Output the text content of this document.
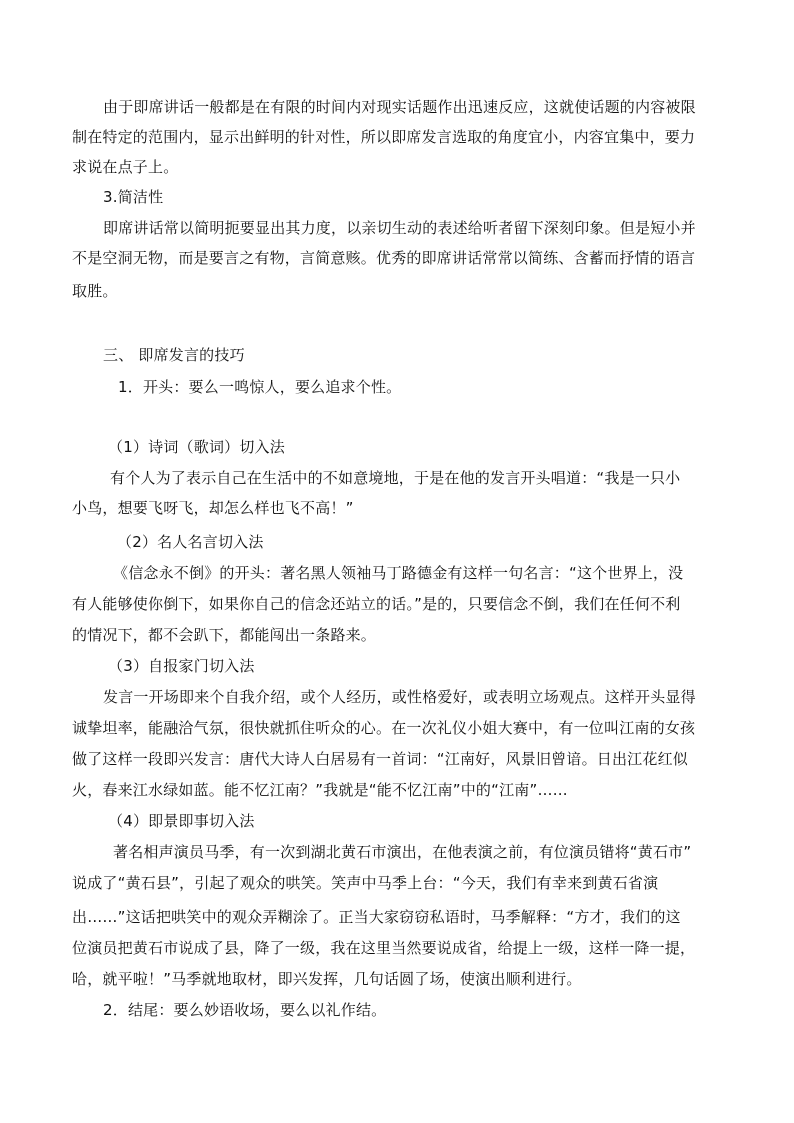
由于即席讲话一般都是在有限的时间内对现实话题作出迅速反应，这就使话题的内容被限
制在特定的范围内，显示出鲜明的针对性，所以即席发言选取的角度宜小，内容宜集中，要力
求说在点子上。
3.简洁性
即席讲话常以简明扼要显出其力度，以亲切生动的表述给听者留下深刻印象。但是短小并
不是空洞无物，而是要言之有物，言简意赅。优秀的即席讲话常常以简练、含蓄而抒情的语言
取胜。
三、 即席发言的技巧
1．开头：要么一鸣惊人，要么追求个性。
（1）诗词（歌词）切入法
有个人为了表示自己在生活中的不如意境地，于是在他的发言开头唱道：“我是一只小
小鸟，想要飞呀飞，却怎么样也飞不高！”
（2）名人名言切入法
《信念永不倒》的开头：著名黑人领袖马丁路德金有这样一句名言：“这个世界上，没
有人能够使你倒下，如果你自己的信念还站立的话。”是的，只要信念不倒，我们在任何不利
的情况下，都不会趴下，都能闯出一条路来。
（3）自报家门切入法
发言一开场即来个自我介绍，或个人经历，或性格爱好，或表明立场观点。这样开头显得
诚挚坦率，能融洽气氛，很快就抓住听众的心。在一次礼仪小姐大赛中，有一位叫江南的女孩
做了这样一段即兴发言：唐代大诗人白居易有一首词：“江南好，风景旧曾谙。日出江花红似
火，春来江水绿如蓝。能不忆江南？”我就是“能不忆江南”中的“江南”……
（4）即景即事切入法
著名相声演员马季，有一次到湖北黄石市演出，在他表演之前，有位演员错将“黄石市”
说成了“黄石县”，引起了观众的哄笑。笑声中马季上台：“今天，我们有幸来到黄石省演
出……”这话把哄笑中的观众弄糊涂了。正当大家窃窃私语时，马季解释：“方才，我们的这
位演员把黄石市说成了县，降了一级，我在这里当然要说成省，给提上一级，这样一降一提，
哈，就平啦！”马季就地取材，即兴发挥，几句话圆了场，使演出顺利进行。
2．结尾：要么妙语收场，要么以礼作结。
